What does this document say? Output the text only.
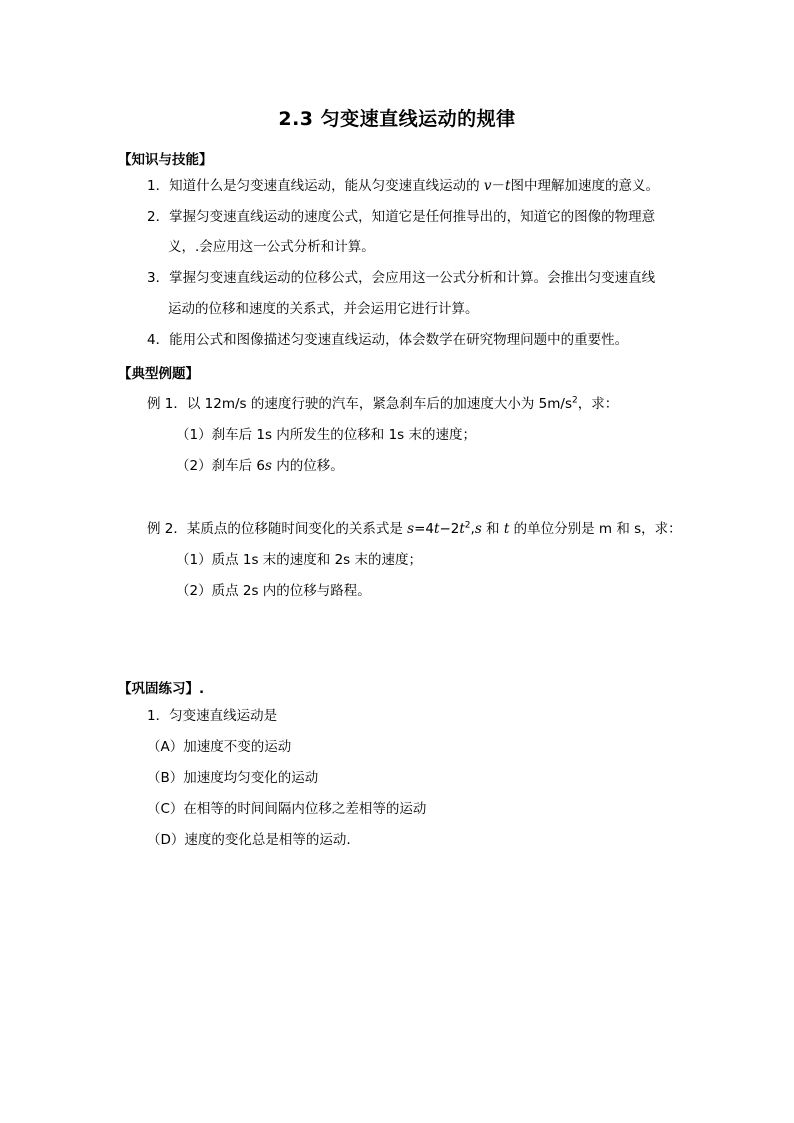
2.3 匀变速直线运动的规律
【知识与技能】
1．知道什么是匀变速直线运动，能从匀变速直线运动的 v－t图中理解加速度的意义。
2．掌握匀变速直线运动的速度公式，知道它是任何推导出的，知道它的图像的物理意
义，.会应用这一公式分析和计算。
3．掌握匀变速直线运动的位移公式，会应用这一公式分析和计算。会推出匀变速直线
运动的位移和速度的关系式，并会运用它进行计算。
4．能用公式和图像描述匀变速直线运动，体会数学在研究物理问题中的重要性。
【典型例题】
例 1．以 12m/s 的速度行驶的汽车，紧急刹车后的加速度大小为 $5m/s^2$，求：
（1）刹车后 1s 内所发生的位移和 1s 末的速度；
（2）刹车后 6s 内的位移。
例 2．某质点的位移随时间变化的关系式是 $s=4t-2t^2,s$ 和 t 的单位分别是 m 和 s，求：
（1）质点 1s 末的速度和 2s 末的速度；
（2）质点 2s 内的位移与路程。
【巩固练习】.
1．匀变速直线运动是
（A）加速度不变的运动
（B）加速度均匀变化的运动
（C）在相等的时间间隔内位移之差相等的运动
（D）速度的变化总是相等的运动.
